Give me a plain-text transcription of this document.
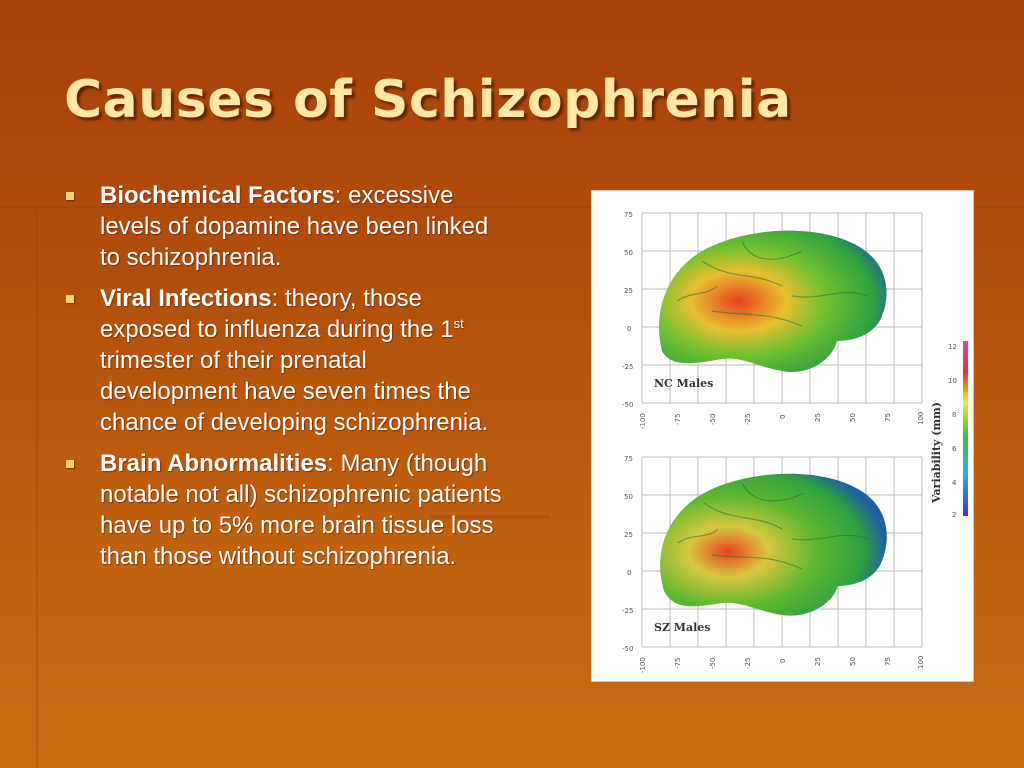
Causes of Schizophrenia
Biochemical Factors: excessive levels of dopamine have been linked to schizophrenia.
Viral Infections: theory, those exposed to influenza during the 1st trimester of their prenatal development have seven times the chance of developing schizophrenia.
Brain Abnormalities: Many (though notable not all) schizophrenic patients have up to 5% more brain tissue loss than those without schizophrenia.
NC Males
SZ Males
75
50
25
0
-25
-50
-100	-75	-50	-25	0	25	50	75	100
75
50
25
0
-25
-50
-100	-75	-50	-25	0	25	50	75	100
12
10
8
6
4
2
Variability (mm)
